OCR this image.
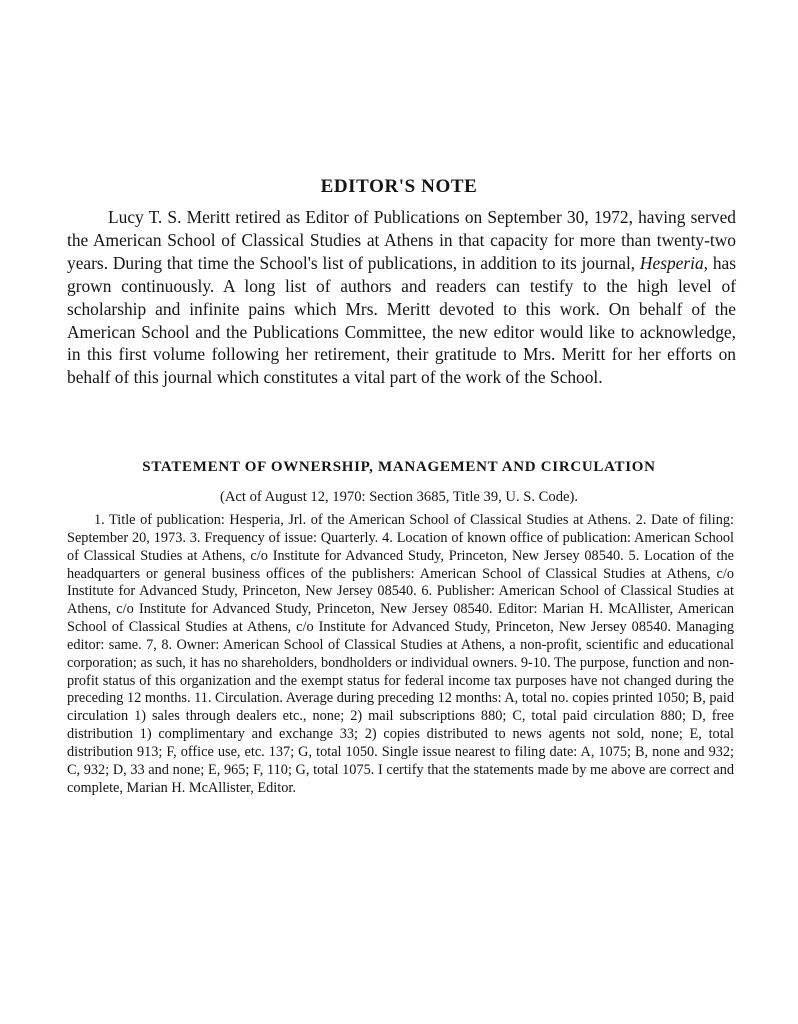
EDITOR'S NOTE

Lucy T. S. Meritt retired as Editor of Publications on September 30, 1972, having served the American School of Classical Studies at Athens in that capacity for more than twenty-two years. During that time the School's list of publications, in addition to its journal, Hesperia, has grown continuously. A long list of authors and readers can testify to the high level of scholarship and infinite pains which Mrs. Meritt devoted to this work. On behalf of the American School and the Publications Committee, the new editor would like to acknowledge, in this first volume following her retirement, their gratitude to Mrs. Meritt for her efforts on behalf of this journal which constitutes a vital part of the work of the School.

STATEMENT OF OWNERSHIP, MANAGEMENT AND CIRCULATION

(Act of August 12, 1970: Section 3685, Title 39, U. S. Code).

1. Title of publication: Hesperia, Jrl. of the American School of Classical Studies at Athens. 2. Date of filing: September 20, 1973. 3. Frequency of issue: Quarterly. 4. Location of known office of publication: American School of Classical Studies at Athens, c/o Institute for Advanced Study, Princeton, New Jersey 08540. 5. Location of the headquarters or general business offices of the publishers: American School of Classical Studies at Athens, c/o Institute for Advanced Study, Princeton, New Jersey 08540. 6. Publisher: American School of Classical Studies at Athens, c/o Institute for Advanced Study, Princeton, New Jersey 08540. Editor: Marian H. McAllister, American School of Classical Studies at Athens, c/o Institute for Advanced Study, Princeton, New Jersey 08540. Managing editor: same. 7, 8. Owner: American School of Classical Studies at Athens, a non-profit, scientific and educational corporation; as such, it has no shareholders, bondholders or individual owners. 9-10. The purpose, function and non-profit status of this organization and the exempt status for federal income tax purposes have not changed during the preceding 12 months. 11. Circulation. Average during preceding 12 months: A, total no. copies printed 1050; B, paid circulation 1) sales through dealers etc., none; 2) mail subscriptions 880; C, total paid circulation 880; D, free distribution 1) complimentary and exchange 33; 2) copies distributed to news agents not sold, none; E, total distribution 913; F, office use, etc. 137; G, total 1050. Single issue nearest to filing date: A, 1075; B, none and 932; C, 932; D, 33 and none; E, 965; F, 110; G, total 1075. I certify that the statements made by me above are correct and complete, Marian H. McAllister, Editor.
